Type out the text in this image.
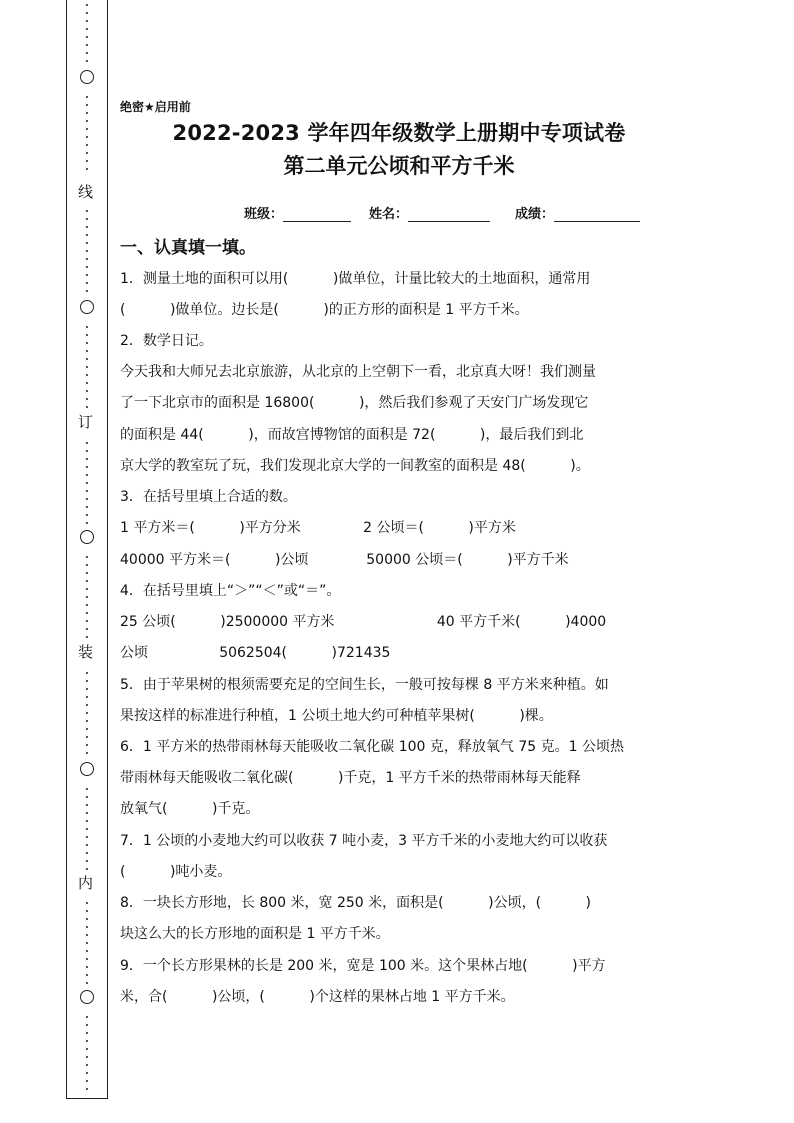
线
订
装
内
绝密★启用前
2022-2023 学年四年级数学上册期中专项试卷
第二单元公顷和平方千米
班级：	姓名：	成绩：
一、认真填一填。
1．测量土地的面积可以用(          )做单位，计量比较大的土地面积，通常用
(          )做单位。边长是(          )的正方形的面积是 1 平方千米。
2．数学日记。
今天我和大师兄去北京旅游，从北京的上空朝下一看，北京真大呀！我们测量
了一下北京市的面积是 16800(          )，然后我们参观了天安门广场发现它
的面积是 44(          )，而故宫博物馆的面积是 72(          )，最后我们到北
京大学的教室玩了玩，我们发现北京大学的一间教室的面积是 48(          )。
3．在括号里填上合适的数。
1 平方米＝(          )平方分米              2 公顷＝(          )平方米
40000 平方米＝(          )公顷             50000 公顷＝(          )平方千米
4．在括号里填上“＞”“＜”或“＝”。
25 公顷(          )2500000 平方米                       40 平方千米(          )4000
公顷                5062504(          )721435
5．由于苹果树的根须需要充足的空间生长，一般可按每棵 8 平方米来种植。如
果按这样的标准进行种植，1 公顷土地大约可种植苹果树(          )棵。
6．1 平方米的热带雨林每天能吸收二氧化碳 100 克，释放氧气 75 克。1 公顷热
带雨林每天能吸收二氧化碳(          )千克，1 平方千米的热带雨林每天能释
放氧气(          )千克。
7．1 公顷的小麦地大约可以收获 7 吨小麦，3 平方千米的小麦地大约可以收获
(          )吨小麦。
8．一块长方形地，长 800 米，宽 250 米，面积是(          )公顷，(          )
块这么大的长方形地的面积是 1 平方千米。
9．一个长方形果林的长是 200 米，宽是 100 米。这个果林占地(          )平方
米，合(          )公顷，(          )个这样的果林占地 1 平方千米。
